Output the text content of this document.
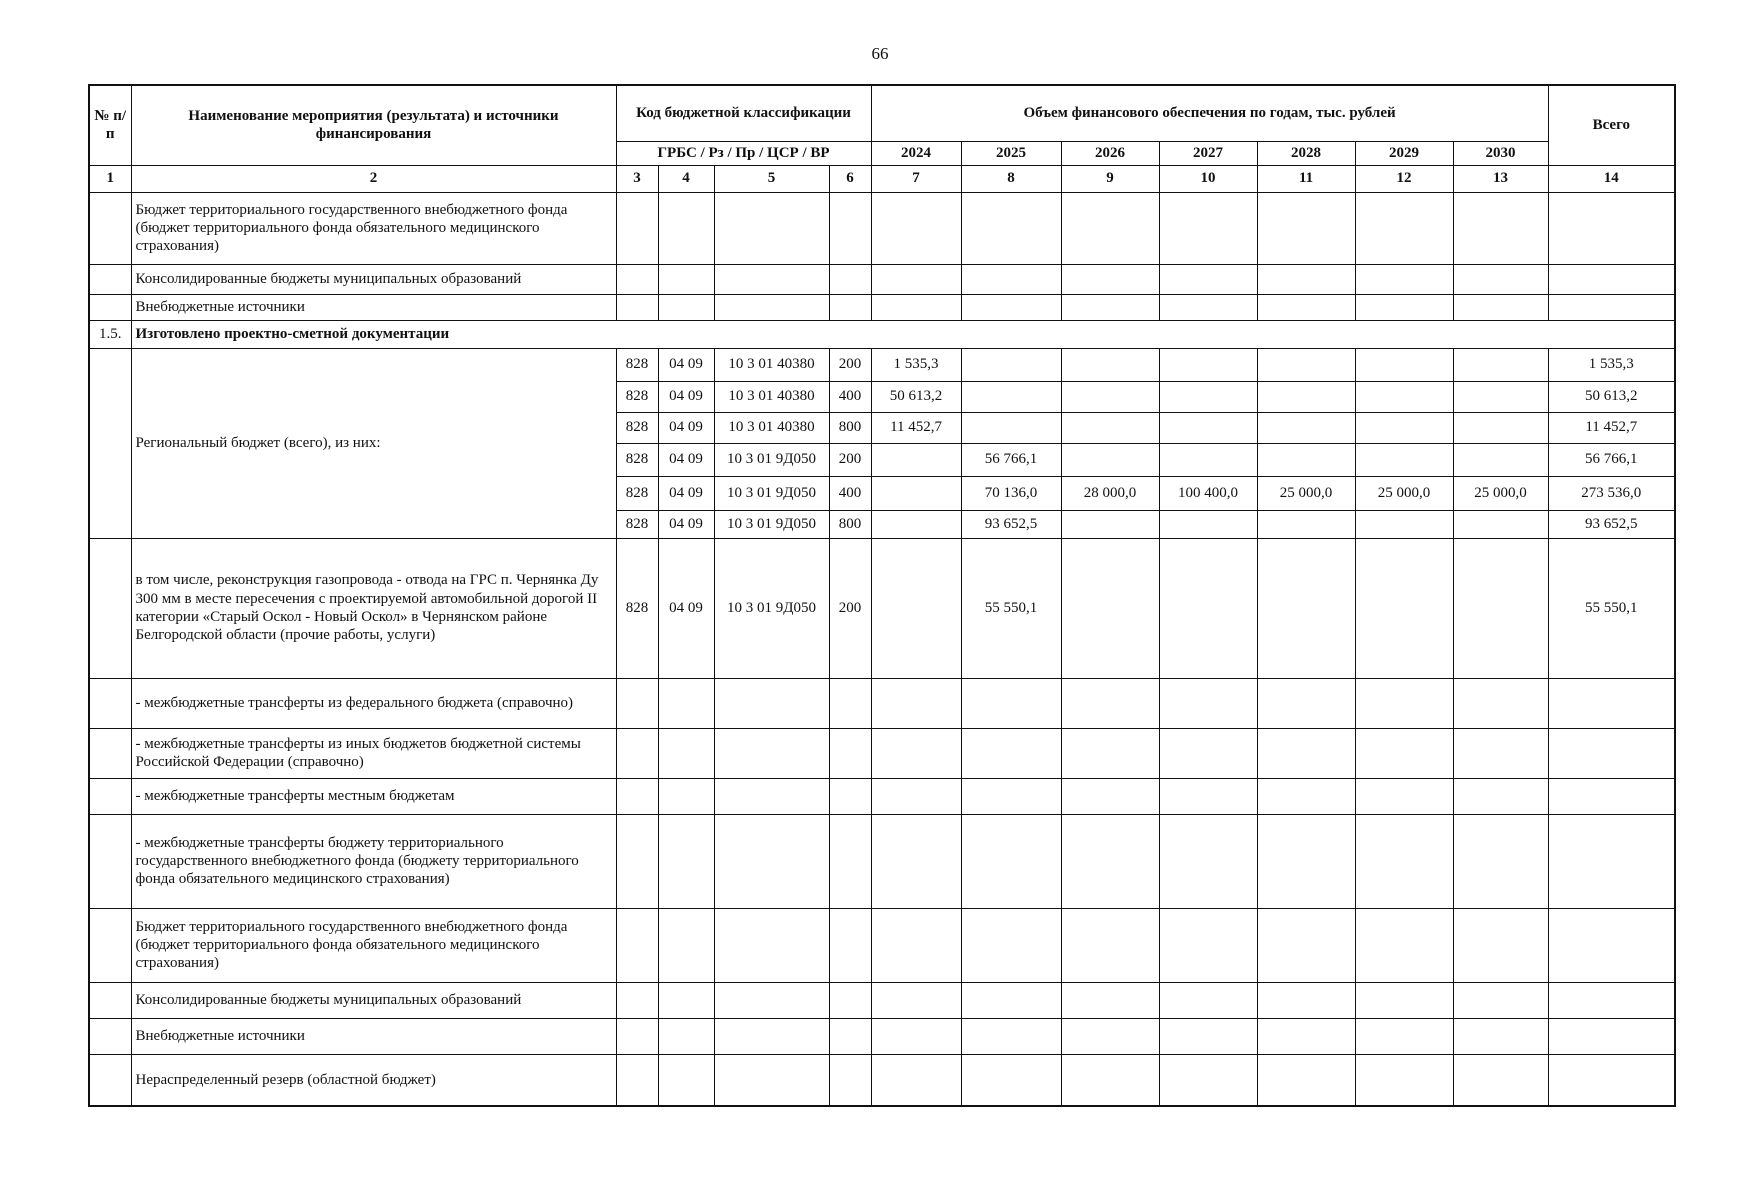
66
№ п/п	Наименование мероприятия (результата) и источники финансирования	Код бюджетной классификации				Объем финансового обеспечения по годам, тыс. рублей							Всего
		ГРБС / Рз / Пр / ЦСР / ВР				2024	2025	2026	2027	2028	2029	2030	
1	2	3	4	5	6	7	8	9	10	11	12	13	14
	Бюджет территориального государственного внебюджетного фонда (бюджет территориального фонда обязательного медицинского страхования)												
	Консолидированные бюджеты муниципальных образований												
	Внебюджетные источники												
1.5.	Изготовлено проектно-сметной документации												
	Региональный бюджет (всего), из них:	828	04 09	10 3 01 40380	200	1 535,3							1 535,3
		828	04 09	10 3 01 40380	400	50 613,2							50 613,2
		828	04 09	10 3 01 40380	800	11 452,7							11 452,7
		828	04 09	10 3 01 9Д050	200		56 766,1						56 766,1
		828	04 09	10 3 01 9Д050	400		70 136,0	28 000,0	100 400,0	25 000,0	25 000,0	25 000,0	273 536,0
		828	04 09	10 3 01 9Д050	800		93 652,5						93 652,5
	в том числе, реконструкция газопровода - отвода на ГРС п. Чернянка Ду 300 мм в месте пересечения с проектируемой автомобильной дорогой II категории «Старый Оскол - Новый Оскол» в Чернянском районе Белгородской области (прочие работы, услуги)	828	04 09	10 3 01 9Д050	200		55 550,1						55 550,1
	- межбюджетные трансферты из федерального бюджета (справочно)												
	- межбюджетные трансферты из иных бюджетов бюджетной системы Российской Федерации (справочно)												
	- межбюджетные трансферты местным бюджетам												
	- межбюджетные трансферты бюджету территориального государственного внебюджетного фонда (бюджету территориального фонда обязательного медицинского страхования)												
	Бюджет территориального государственного внебюджетного фонда (бюджет территориального фонда обязательного медицинского страхования)												
	Консолидированные бюджеты муниципальных образований												
	Внебюджетные источники												
	Нераспределенный резерв (областной бюджет)												
